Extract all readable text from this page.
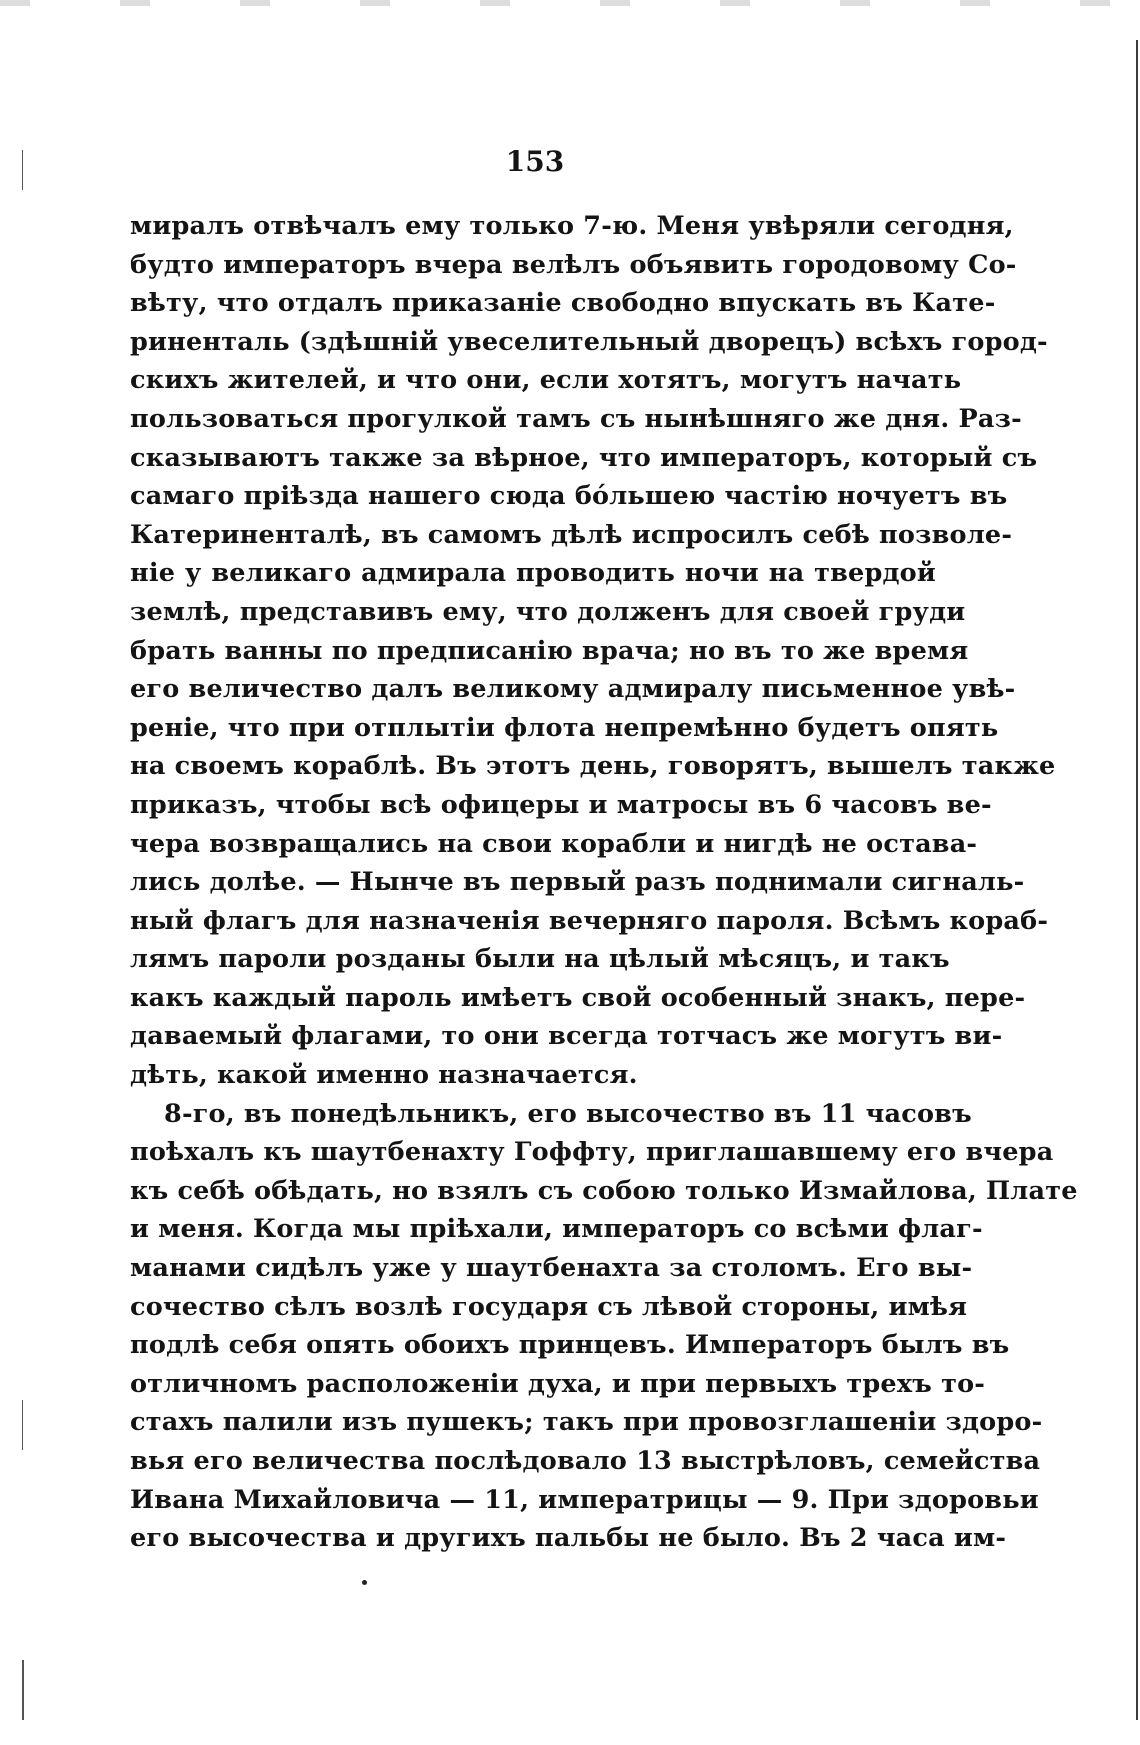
153
миралъ отвѣчалъ ему только 7-ю. Меня увѣряли сегодня,
будто императоръ вчера велѣлъ объявить городовому Со-
вѣту, что отдалъ приказаніе свободно впускать въ Кате-
риненталь (здѣшній увеселительный дворецъ) всѣхъ город-
скихъ жителей, и что они, если хотятъ, могутъ начать
пользоваться прогулкой тамъ съ нынѣшняго же дня. Раз-
сказываютъ также за вѣрное, что императоръ, который съ
самаго прiѣзда нашего сюда бóльшею частію ночуетъ въ
Катериненталѣ, въ самомъ дѣлѣ испросилъ себѣ позволе-
ніе у великаго адмирала проводить ночи на твердой
землѣ, представивъ ему, что долженъ для своей груди
брать ванны по предписанію врача; но въ то же время
его величество далъ великому адмиралу письменное увѣ-
реніе, что при отплытіи флота непремѣнно будетъ опять
на своемъ кораблѣ. Въ этотъ день, говорятъ, вышелъ также
приказъ, чтобы всѣ офицеры и матросы въ 6 часовъ ве-
чера возвращались на свои корабли и нигдѣ не остава-
лись долѣе. — Нынче въ первый разъ поднимали сигналь-
ный флагъ для назначенія вечерняго пароля. Всѣмъ кораб-
лямъ пароли розданы были на цѣлый мѣсяцъ, и такъ
какъ каждый пароль имѣетъ свой особенный знакъ, пере-
даваемый флагами, то они всегда тотчасъ же могутъ ви-
дѣть, какой именно назначается.
8-го, въ понедѣльникъ, его высочество въ 11 часовъ
поѣхалъ къ шаутбенахту Гоффту, приглашавшему его вчера
къ себѣ обѣдать, но взялъ съ собою только Измайлова, Плате
и меня. Когда мы пріѣхали, императоръ со всѣми флаг-
манами сидѣлъ уже у шаутбенахта за столомъ. Его вы-
сочество сѣлъ возлѣ государя съ лѣвой стороны, имѣя
подлѣ себя опять обоихъ принцевъ. Императоръ былъ въ
отличномъ расположеніи духа, и при первыхъ трехъ то-
стахъ палили изъ пушекъ; такъ при провозглашеніи здоро-
вья его величества послѣдовало 13 выстрѣловъ, семейства
Ивана Михайловича — 11, императрицы — 9. При здоровьи
его высочества и другихъ пальбы не было. Въ 2 часа им-
